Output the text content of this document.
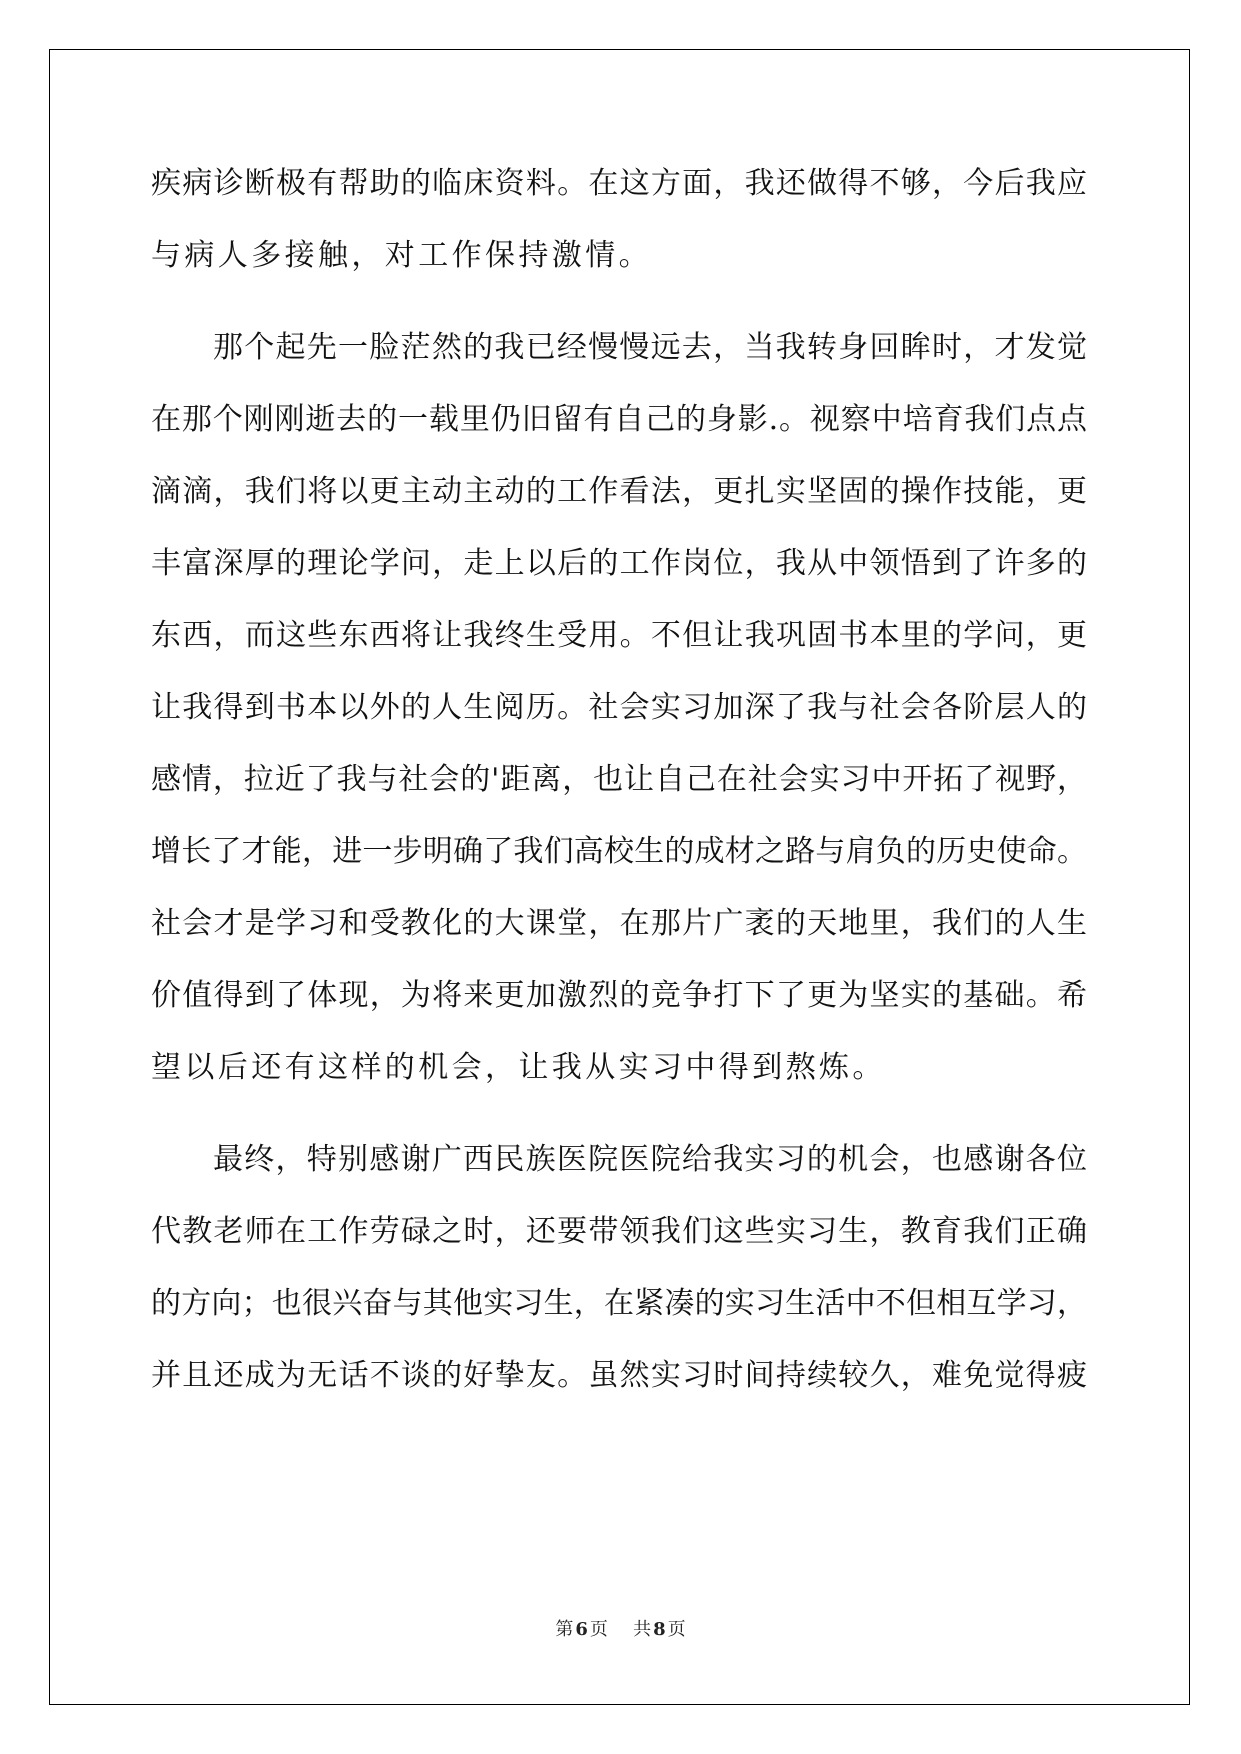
疾病诊断极有帮助的临床资料。在这方面，我还做得不够，今后我应
与病人多接触，对工作保持激情。
那个起先一脸茫然的我已经慢慢远去，当我转身回眸时，才发觉
在那个刚刚逝去的一载里仍旧留有自己的身影.。视察中培育我们点点
滴滴，我们将以更主动主动的工作看法，更扎实坚固的操作技能，更
丰富深厚的理论学问，走上以后的工作岗位，我从中领悟到了许多的
东西，而这些东西将让我终生受用。不但让我巩固书本里的学问，更
让我得到书本以外的人生阅历。社会实习加深了我与社会各阶层人的
感情，拉近了我与社会的'距离，也让自己在社会实习中开拓了视野，
增长了才能，进一步明确了我们高校生的成材之路与肩负的历史使命。
社会才是学习和受教化的大课堂，在那片广袤的天地里，我们的人生
价值得到了体现，为将来更加激烈的竞争打下了更为坚实的基础。希
望以后还有这样的机会，让我从实习中得到熬炼。
最终，特别感谢广西民族医院医院给我实习的机会，也感谢各位
代教老师在工作劳碌之时，还要带领我们这些实习生，教育我们正确
的方向；也很兴奋与其他实习生，在紧凑的实习生活中不但相互学习，
并且还成为无话不谈的好挚友。虽然实习时间持续较久，难免觉得疲
第 6 页 共 8 页
